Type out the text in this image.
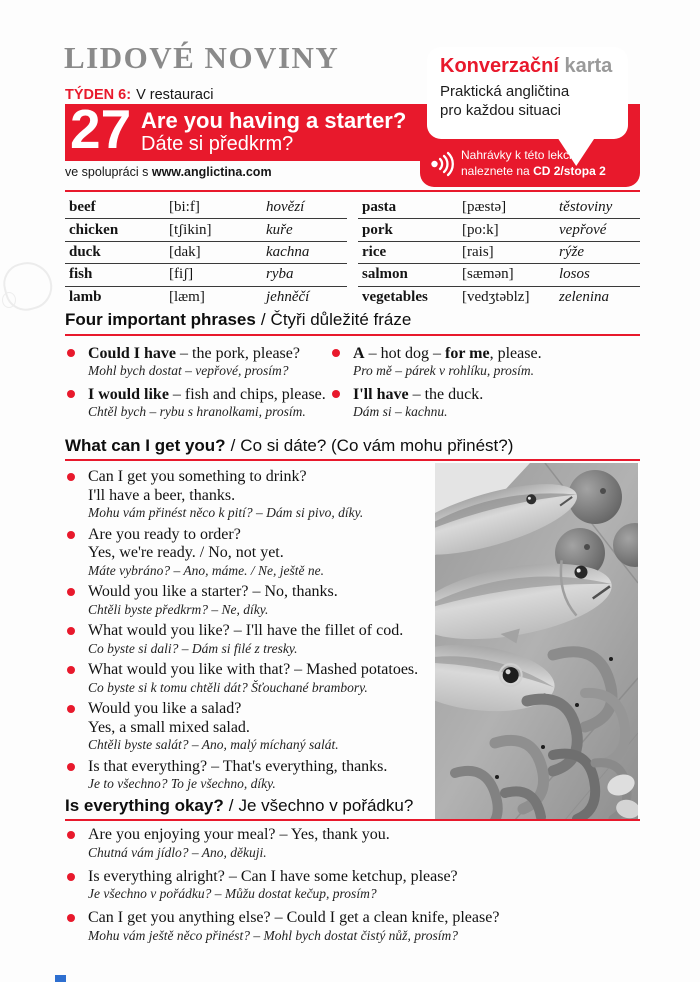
LIDOVÉ NOVINY
TÝDEN 6: V restauraci
27 Are you having a starter?
Dáte si předkrm?
Konverzační karta
Praktická angličtina
pro každou situaci
Nahrávky k této lekci
naleznete na CD 2/stopa 2
ve spolupráci s www.anglictina.com
beef	[bi:f]	hovězí
chicken	[tʃikin]	kuře
duck	[dak]	kachna
fish	[fiʃ]	ryba
lamb	[læm]	jehněčí
pasta	[pæstə]	těstoviny
pork	[po:k]	vepřové
rice	[rais]	rýže
salmon	[sæmən]	losos
vegetables	[vedʒtəblz]	zelenina
Four important phrases / Čtyři důležité fráze
Could I have – the pork, please?
Mohl bych dostat – vepřové, prosím?
I would like – fish and chips, please.
Chtěl bych – rybu s hranolkami, prosím.
A – hot dog – for me, please.
Pro mě – párek v rohlíku, prosím.
I'll have – the duck.
Dám si – kachnu.
What can I get you? / Co si dáte? (Co vám mohu přinést?)
Can I get you something to drink?
I'll have a beer, thanks.
Mohu vám přinést něco k pití? – Dám si pivo, díky.
Are you ready to order?
Yes, we're ready. / No, not yet.
Máte vybráno? – Ano, máme. / Ne, ještě ne.
Would you like a starter? – No, thanks.
Chtěli byste předkrm? – Ne, díky.
What would you like? – I'll have the fillet of cod.
Co byste si dali? – Dám si filé z tresky.
What would you like with that? – Mashed potatoes.
Co byste si k tomu chtěli dát? Šťouchané brambory.
Would you like a salad?
Yes, a small mixed salad.
Chtěli byste salát? – Ano, malý míchaný salát.
Is that everything? – That's everything, thanks.
Je to všechno? To je všechno, díky.
Is everything okay? / Je všechno v pořádku?
Are you enjoying your meal? – Yes, thank you.
Chutná vám jídlo? – Ano, děkuji.
Is everything alright? – Can I have some ketchup, please?
Je všechno v pořádku? – Můžu dostat kečup, prosím?
Can I get you anything else? – Could I get a clean knife, please?
Mohu vám ještě něco přinést? – Mohl bych dostat čistý nůž, prosím?
